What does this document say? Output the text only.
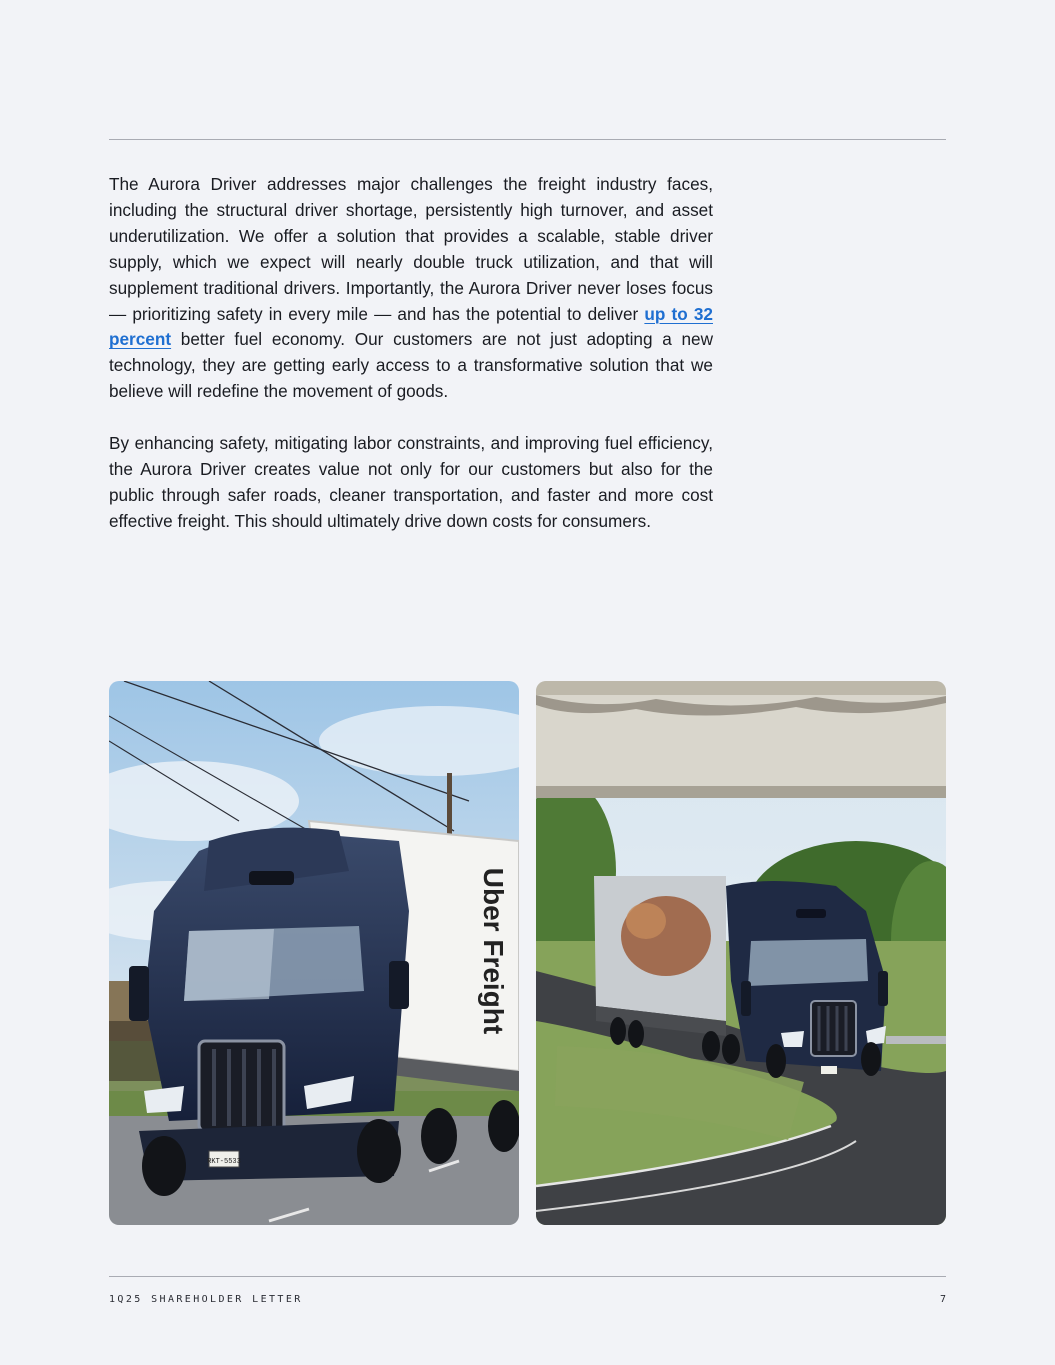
The Aurora Driver addresses major challenges the freight industry faces, including the structural driver shortage, persistently high turnover, and asset underutilization. We offer a solution that provides a scalable, stable driver supply, which we expect will nearly double truck utilization, and that will supplement traditional drivers. Importantly, the Aurora Driver never loses focus — prioritizing safety in every mile — and has the potential to deliver up to 32 percent better fuel economy. Our customers are not just adopting a new technology, they are getting early access to a transformative solution that we believe will redefine the movement of goods.

By enhancing safety, mitigating labor constraints, and improving fuel efficiency, the Aurora Driver creates value not only for our customers but also for the public through safer roads, cleaner transportation, and faster and more cost effective freight. This should ultimately drive down costs for consumers.

Uber Freight
RKT-5533
1Q25 SHAREHOLDER LETTER	7
